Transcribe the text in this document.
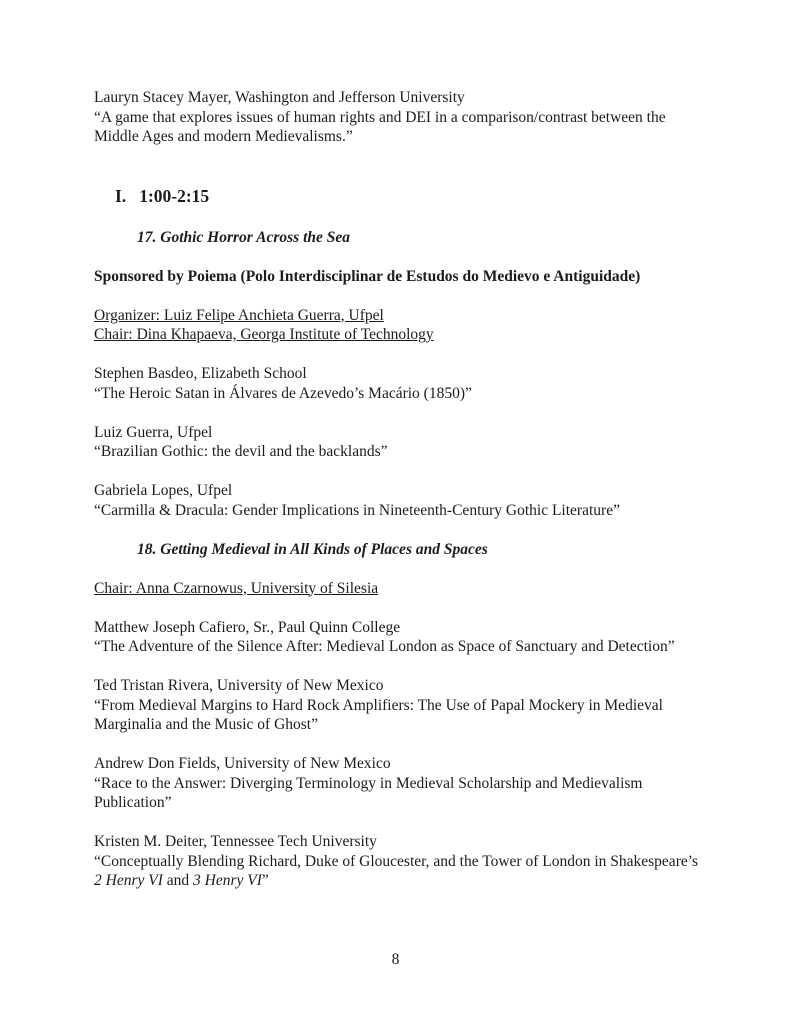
Lauryn Stacey Mayer, Washington and Jefferson University
“A game that explores issues of human rights and DEI in a comparison/contrast between the Middle Ages and modern Medievalisms.”

I. 1:00-2:15

17. Gothic Horror Across the Sea

Sponsored by Poiema (Polo Interdisciplinar de Estudos do Medievo e Antiguidade)

Organizer: Luiz Felipe Anchieta Guerra, Ufpel
Chair: Dina Khapaeva, Georga Institute of Technology

Stephen Basdeo, Elizabeth School
“The Heroic Satan in Álvares de Azevedo’s Macário (1850)”

Luiz Guerra, Ufpel
“Brazilian Gothic: the devil and the backlands”

Gabriela Lopes, Ufpel
“Carmilla & Dracula: Gender Implications in Nineteenth-Century Gothic Literature”

18. Getting Medieval in All Kinds of Places and Spaces

Chair: Anna Czarnowus, University of Silesia

Matthew Joseph Cafiero, Sr., Paul Quinn College
“The Adventure of the Silence After: Medieval London as Space of Sanctuary and Detection”

Ted Tristan Rivera, University of New Mexico
“From Medieval Margins to Hard Rock Amplifiers: The Use of Papal Mockery in Medieval Marginalia and the Music of Ghost”

Andrew Don Fields, University of New Mexico
“Race to the Answer: Diverging Terminology in Medieval Scholarship and Medievalism Publication”

Kristen M. Deiter, Tennessee Tech University
“Conceptually Blending Richard, Duke of Gloucester, and the Tower of London in Shakespeare’s 2 Henry VI and 3 Henry VI”

8
